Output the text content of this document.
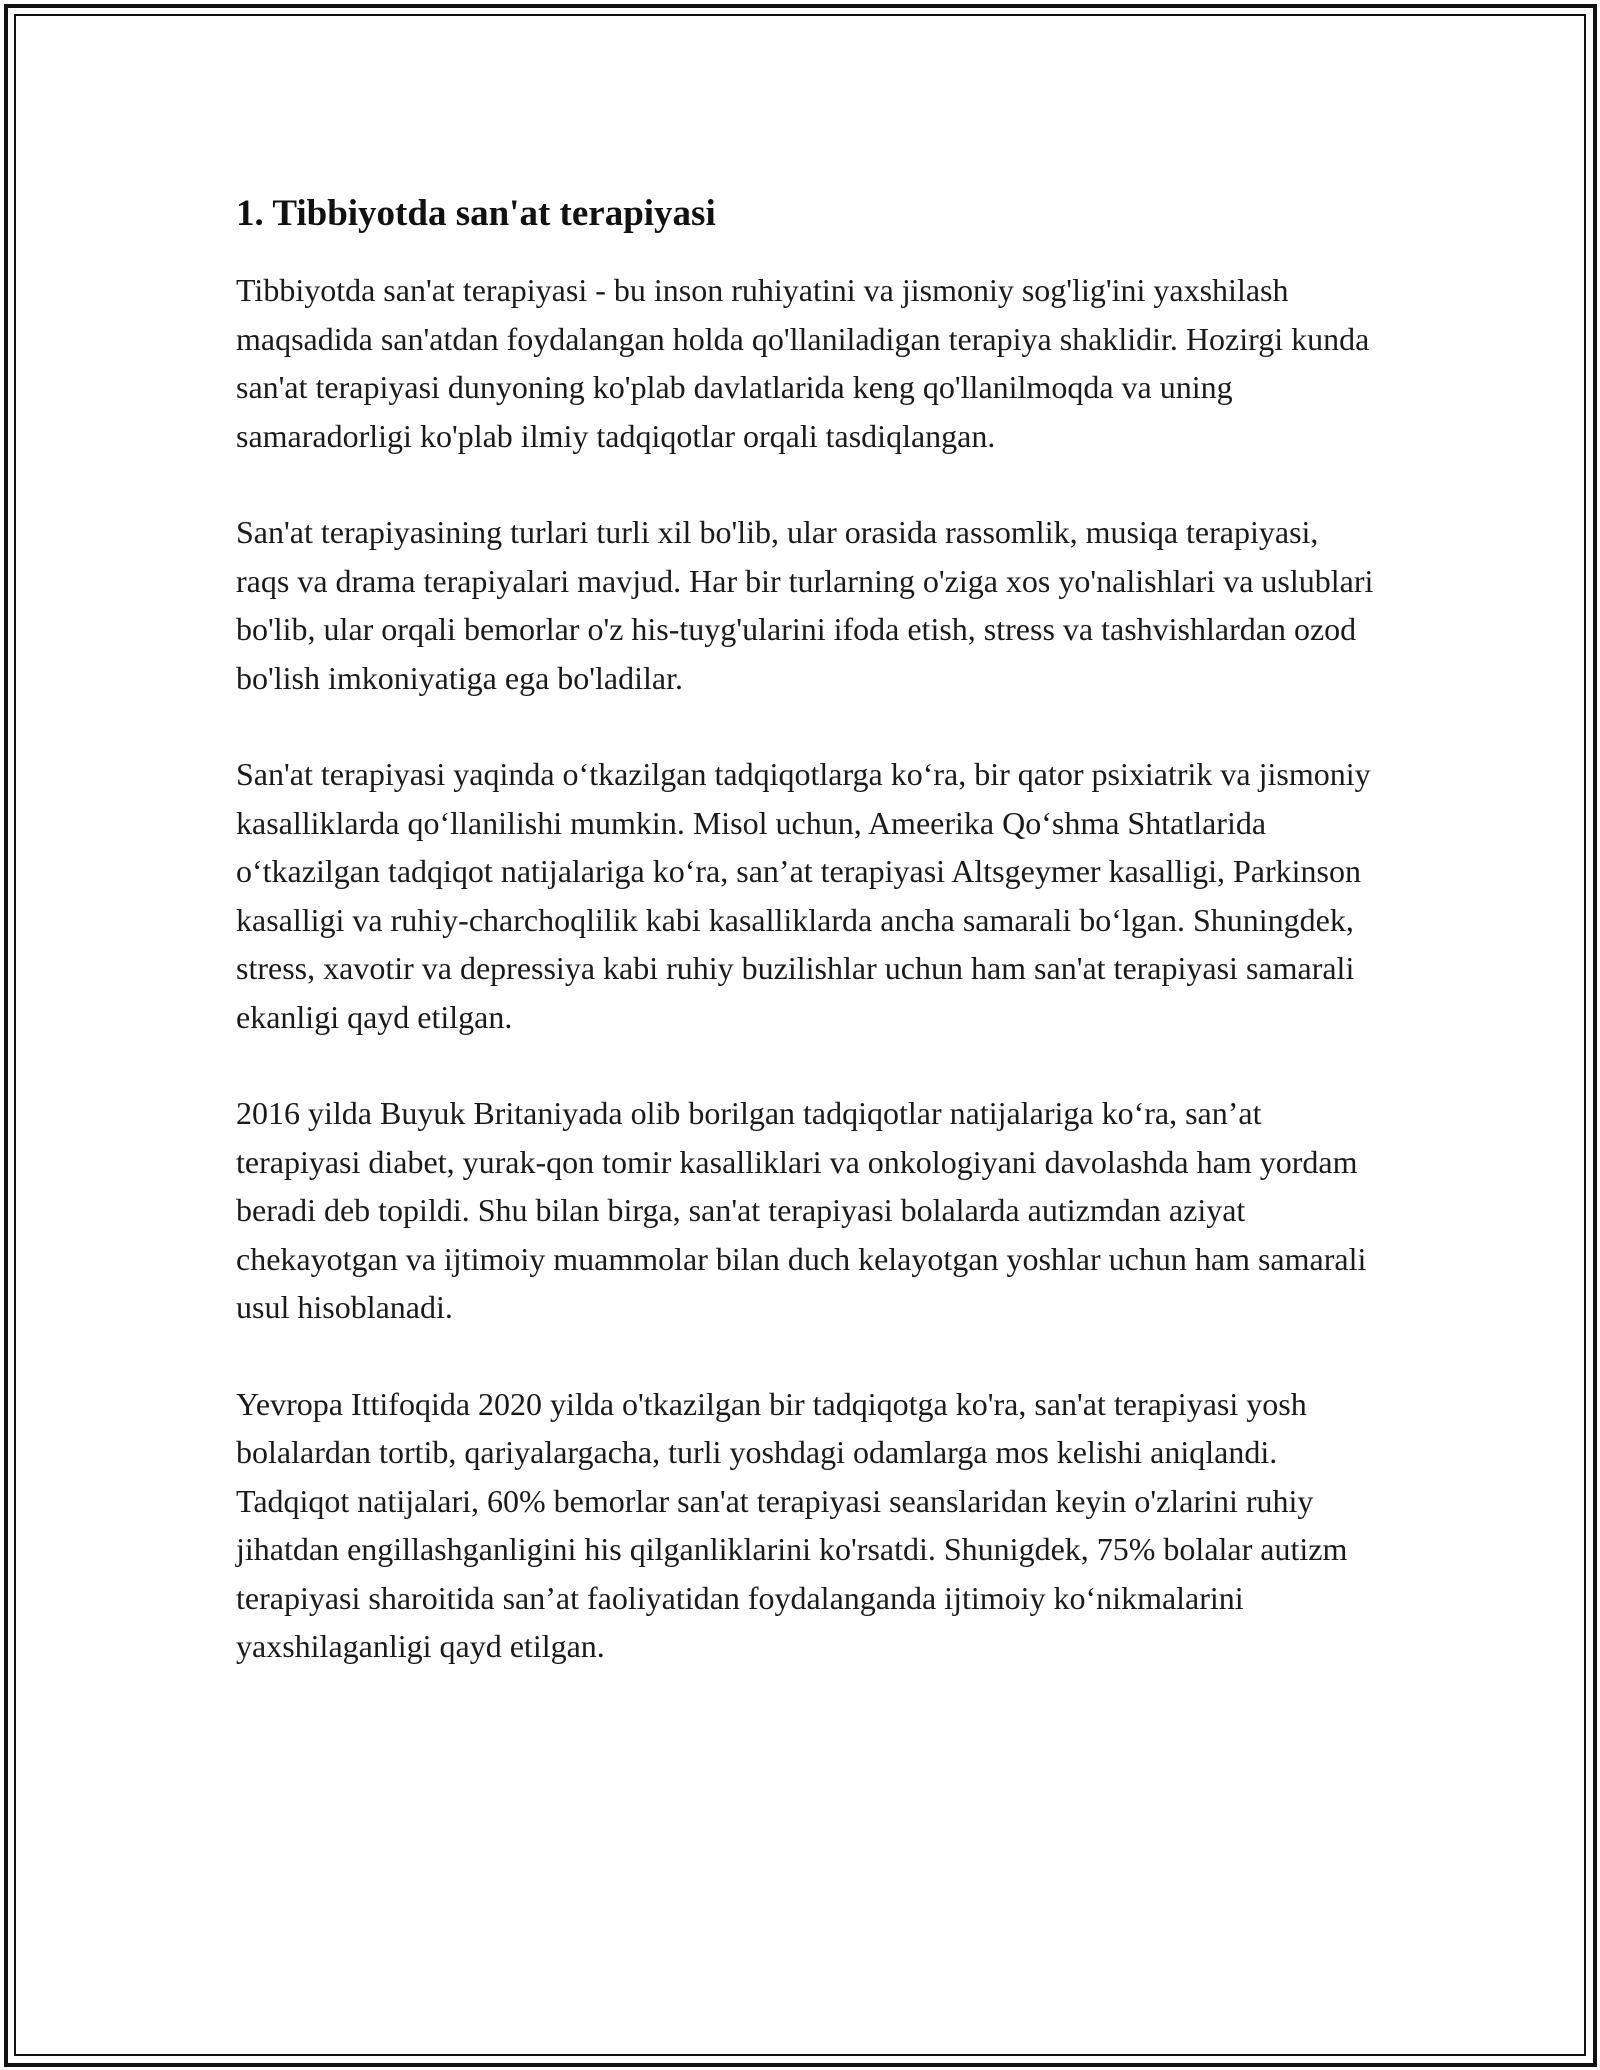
1. Tibbiyotda san'at terapiyasi

Tibbiyotda san'at terapiyasi - bu inson ruhiyatini va jismoniy sog'lig'ini yaxshilash maqsadida san'atdan foydalangan holda qo'llaniladigan terapiya shaklidir. Hozirgi kunda san'at terapiyasi dunyoning ko'plab davlatlarida keng qo'llanilmoqda va uning samaradorligi ko'plab ilmiy tadqiqotlar orqali tasdiqlangan.

San'at terapiyasining turlari turli xil bo'lib, ular orasida rassomlik, musiqa terapiyasi, raqs va drama terapiyalari mavjud. Har bir turlarning o'ziga xos yo'nalishlari va uslublari bo'lib, ular orqali bemorlar o'z his-tuyg'ularini ifoda etish, stress va tashvishlardan ozod bo'lish imkoniyatiga ega bo'ladilar.

San'at terapiyasi yaqinda o‘tkazilgan tadqiqotlarga ko‘ra, bir qator psixiatrik va jismoniy kasalliklarda qo‘llanilishi mumkin. Misol uchun, Ameerika Qo‘shma Shtatlarida o‘tkazilgan tadqiqot natijalariga ko‘ra, san’at terapiyasi Altsgeymer kasalligi, Parkinson kasalligi va ruhiy-charchoqlilik kabi kasalliklarda ancha samarali bo‘lgan. Shuningdek, stress, xavotir va depressiya kabi ruhiy buzilishlar uchun ham san'at terapiyasi samarali ekanligi qayd etilgan.

2016 yilda Buyuk Britaniyada olib borilgan tadqiqotlar natijalariga ko‘ra, san’at terapiyasi diabet, yurak-qon tomir kasalliklari va onkologiyani davolashda ham yordam beradi deb topildi. Shu bilan birga, san'at terapiyasi bolalarda autizmdan aziyat chekayotgan va ijtimoiy muammolar bilan duch kelayotgan yoshlar uchun ham samarali usul hisoblanadi.

Yevropa Ittifoqida 2020 yilda o'tkazilgan bir tadqiqotga ko'ra, san'at terapiyasi yosh bolalardan tortib, qariyalargacha, turli yoshdagi odamlarga mos kelishi aniqlandi. Tadqiqot natijalari, 60% bemorlar san'at terapiyasi seanslaridan keyin o'zlarini ruhiy jihatdan engillashganligini his qilganliklarini ko'rsatdi. Shunigdek, 75% bolalar autizm terapiyasi sharoitida san’at faoliyatidan foydalanganda ijtimoiy ko‘nikmalarini yaxshilaganligi qayd etilgan.
